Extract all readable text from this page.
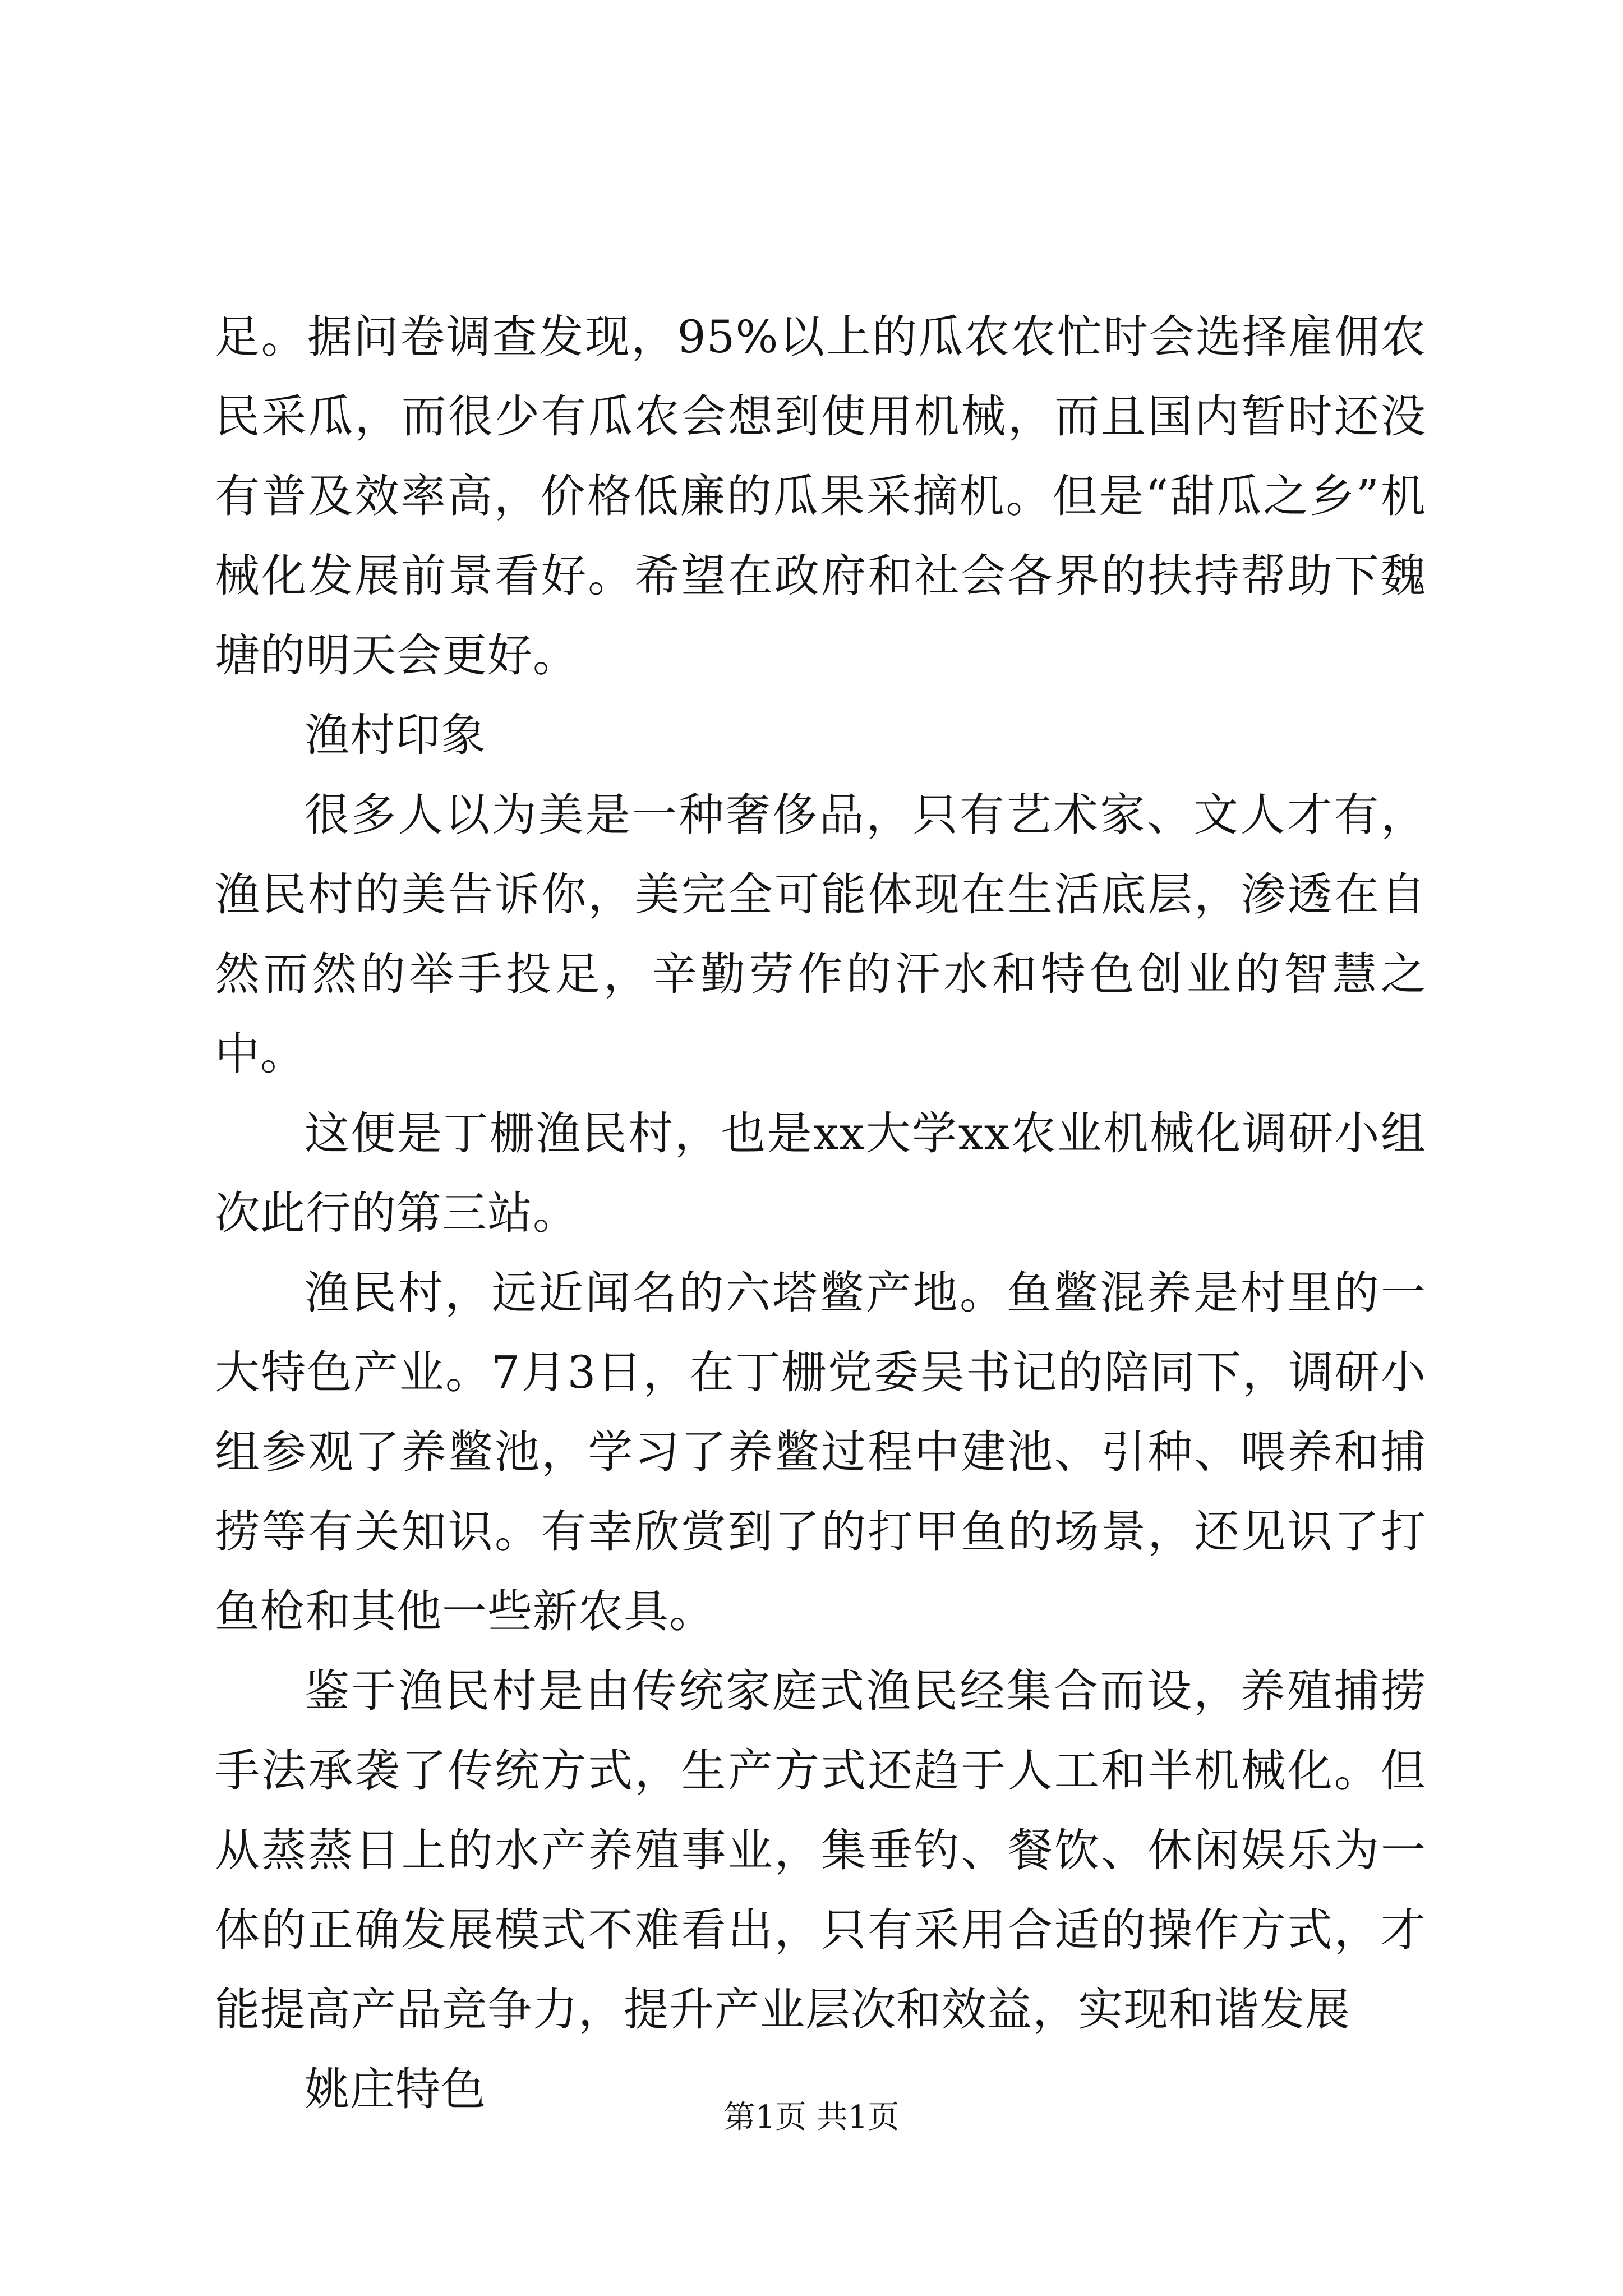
足。据问卷调查发现，95%以上的瓜农农忙时会选择雇佣农民采瓜，而很少有瓜农会想到使用机械，而且国内暂时还没有普及效率高，价格低廉的瓜果采摘机。但是“甜瓜之乡”机械化发展前景看好。希望在政府和社会各界的扶持帮助下魏塘的明天会更好。

渔村印象

很多人以为美是一种奢侈品，只有艺术家、文人才有，渔民村的美告诉你，美完全可能体现在生活底层，渗透在自然而然的举手投足，辛勤劳作的汗水和特色创业的智慧之中。

这便是丁栅渔民村，也是xx大学xx农业机械化调研小组次此行的第三站。

渔民村，远近闻名的六塔鳖产地。鱼鳖混养是村里的一大特色产业。7月3日，在丁栅党委吴书记的陪同下，调研小组参观了养鳖池，学习了养鳖过程中建池、引种、喂养和捕捞等有关知识。有幸欣赏到了的打甲鱼的场景，还见识了打鱼枪和其他一些新农具。

鉴于渔民村是由传统家庭式渔民经集合而设，养殖捕捞手法承袭了传统方式，生产方式还趋于人工和半机械化。但从蒸蒸日上的水产养殖事业，集垂钓、餐饮、休闲娱乐为一体的正确发展模式不难看出，只有采用合适的操作方式，才能提高产品竞争力，提升产业层次和效益，实现和谐发展

姚庄特色

第1页 共1页
